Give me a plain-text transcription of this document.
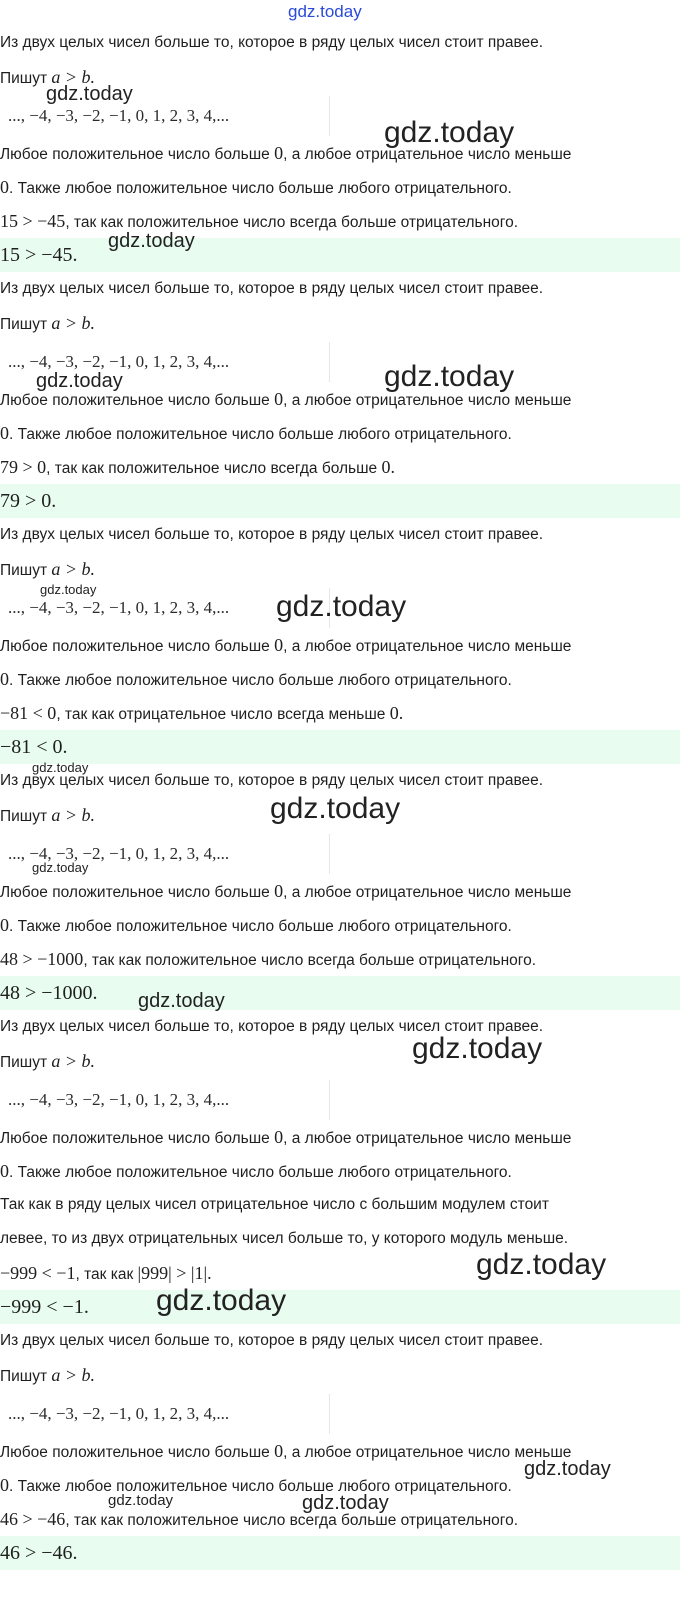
gdz.today
Из двух целых чисел больше то, которое в ряду целых чисел стоит правее.
Пишут a > b.
..., −4, −3, −2, −1, 0, 1, 2, 3, 4,...
Любое положительное число больше 0, а любое отрицательное число меньше
0. Также любое положительное число больше любого отрицательного.
15 > −45, так как положительное число всегда больше отрицательного.
15 > −45.
Из двух целых чисел больше то, которое в ряду целых чисел стоит правее.
Пишут a > b.
..., −4, −3, −2, −1, 0, 1, 2, 3, 4,...
Любое положительное число больше 0, а любое отрицательное число меньше
0. Также любое положительное число больше любого отрицательного.
79 > 0, так как положительное число всегда больше 0.
79 > 0.
Из двух целых чисел больше то, которое в ряду целых чисел стоит правее.
Пишут a > b.
..., −4, −3, −2, −1, 0, 1, 2, 3, 4,...
Любое положительное число больше 0, а любое отрицательное число меньше
0. Также любое положительное число больше любого отрицательного.
−81 < 0, так как отрицательное число всегда меньше 0.
−81 < 0.
Из двух целых чисел больше то, которое в ряду целых чисел стоит правее.
Пишут a > b.
..., −4, −3, −2, −1, 0, 1, 2, 3, 4,...
Любое положительное число больше 0, а любое отрицательное число меньше
0. Также любое положительное число больше любого отрицательного.
48 > −1000, так как положительное число всегда больше отрицательного.
48 > −1000.
Из двух целых чисел больше то, которое в ряду целых чисел стоит правее.
Пишут a > b.
..., −4, −3, −2, −1, 0, 1, 2, 3, 4,...
Любое положительное число больше 0, а любое отрицательное число меньше
0. Также любое положительное число больше любого отрицательного.
Так как в ряду целых чисел отрицательное число с большим модулем стоит
левее, то из двух отрицательных чисел больше то, у которого модуль меньше.
−999 < −1, так как |999| > |1|.
−999 < −1.
Из двух целых чисел больше то, которое в ряду целых чисел стоит правее.
Пишут a > b.
..., −4, −3, −2, −1, 0, 1, 2, 3, 4,...
Любое положительное число больше 0, а любое отрицательное число меньше
0. Также любое положительное число больше любого отрицательного.
46 > −46, так как положительное число всегда больше отрицательного.
46 > −46.
gdz.today
gdz.today
gdz.today
gdz.today	gdz.today
gdz.today
gdz.today
gdz.today
gdz.today
gdz.today
gdz.today
gdz.today
gdz.today
gdz.today
gdz.today
gdz.today	gdz.today
